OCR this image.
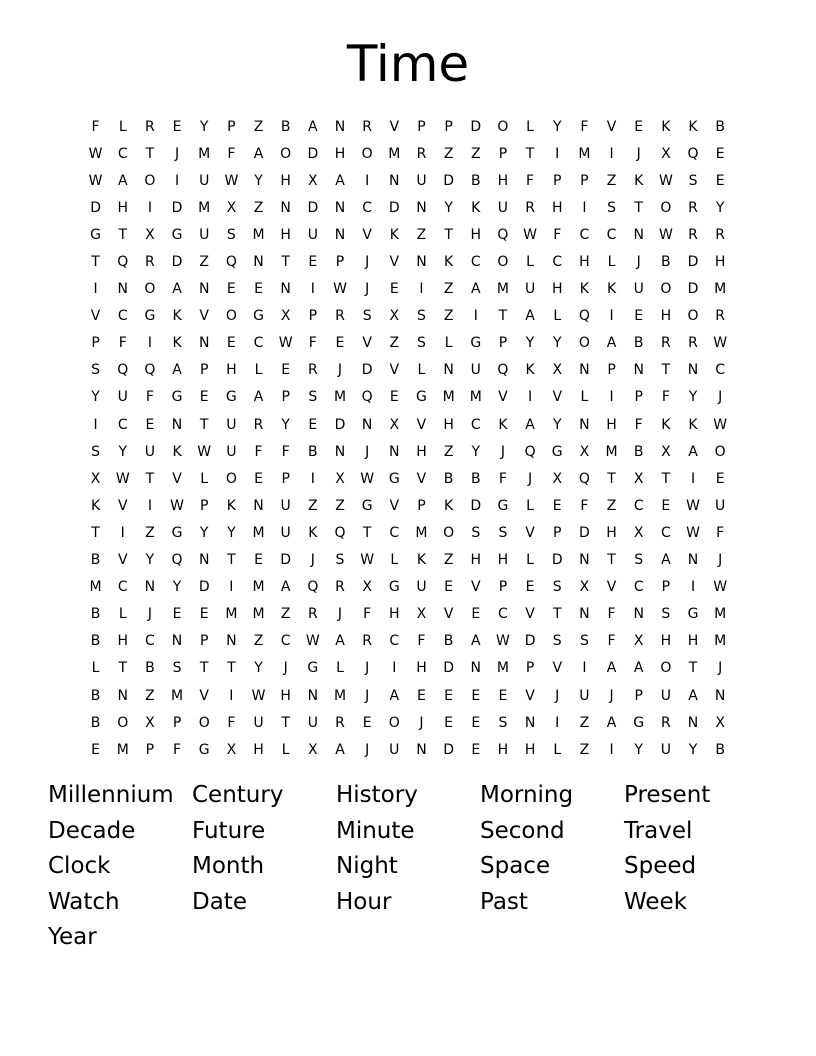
Time
F	L	R	E	Y	P	Z	B	A	N	R	V	P	P	D	O	L	Y	F	V	E	K	K	B
W	C	T	J	M	F	A	O	D	H	O	M	R	Z	Z	P	T	I	M	I	J	X	Q	E
W	A	O	I	U	W	Y	H	X	A	I	N	U	D	B	H	F	P	P	Z	K	W	S	E
D	H	I	D	M	X	Z	N	D	N	C	D	N	Y	K	U	R	H	I	S	T	O	R	Y
G	T	X	G	U	S	M	H	U	N	V	K	Z	T	H	Q	W	F	C	C	N	W	R	R
T	Q	R	D	Z	Q	N	T	E	P	J	V	N	K	C	O	L	C	H	L	J	B	D	H
I	N	O	A	N	E	E	N	I	W	J	E	I	Z	A	M	U	H	K	K	U	O	D	M
V	C	G	K	V	O	G	X	P	R	S	X	S	Z	I	T	A	L	Q	I	E	H	O	R
P	F	I	K	N	E	C	W	F	E	V	Z	S	L	G	P	Y	Y	O	A	B	R	R	W
S	Q	Q	A	P	H	L	E	R	J	D	V	L	N	U	Q	K	X	N	P	N	T	N	C
Y	U	F	G	E	G	A	P	S	M	Q	E	G	M	M	V	I	V	L	I	P	F	Y	J
I	C	E	N	T	U	R	Y	E	D	N	X	V	H	C	K	A	Y	N	H	F	K	K	W
S	Y	U	K	W	U	F	F	B	N	J	N	H	Z	Y	J	Q	G	X	M	B	X	A	O
X	W	T	V	L	O	E	P	I	X	W	G	V	B	B	F	J	X	Q	T	X	T	I	E
K	V	I	W	P	K	N	U	Z	Z	G	V	P	K	D	G	L	E	F	Z	C	E	W	U
T	I	Z	G	Y	Y	M	U	K	Q	T	C	M	O	S	S	V	P	D	H	X	C	W	F
B	V	Y	Q	N	T	E	D	J	S	W	L	K	Z	H	H	L	D	N	T	S	A	N	J
M	C	N	Y	D	I	M	A	Q	R	X	G	U	E	V	P	E	S	X	V	C	P	I	W
B	L	J	E	E	M	M	Z	R	J	F	H	X	V	E	C	V	T	N	F	N	S	G	M
B	H	C	N	P	N	Z	C	W	A	R	C	F	B	A	W	D	S	S	F	X	H	H	M
L	T	B	S	T	T	Y	J	G	L	J	I	H	D	N	M	P	V	I	A	A	O	T	J
B	N	Z	M	V	I	W	H	N	M	J	A	E	E	E	E	V	J	U	J	P	U	A	N
B	O	X	P	O	F	U	T	U	R	E	O	J	E	E	S	N	I	Z	A	G	R	N	X
E	M	P	F	G	X	H	L	X	A	J	U	N	D	E	H	H	L	Z	I	Y	U	Y	B
Millennium Century	History	Morning	Present
Decade	Future	Minute	Second	Travel
Clock	Month	Night	Space	Speed
Watch	Date	Hour	Past	Week
Year
